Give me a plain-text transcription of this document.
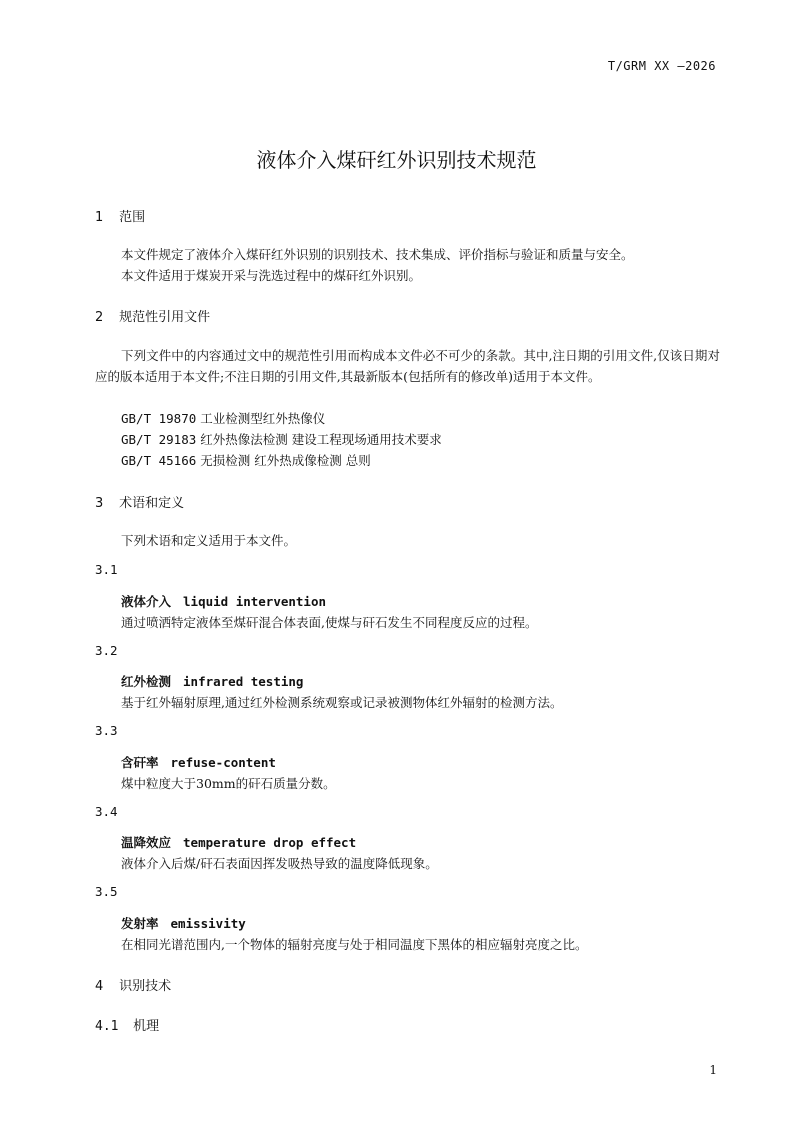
T/GRM XX —2026
液体介入煤矸红外识别技术规范
1 范围
本文件规定了液体介入煤矸红外识别的识别技术、技术集成、评价指标与验证和质量与安全。
本文件适用于煤炭开采与洗选过程中的煤矸红外识别。
2 规范性引用文件
下列文件中的内容通过文中的规范性引用而构成本文件必不可少的条款。其中,注日期的引用文件,仅该日期对应的版本适用于本文件;不注日期的引用文件,其最新版本(包括所有的修改单)适用于本文件。
GB/T 19870 工业检测型红外热像仪
GB/T 29183 红外热像法检测 建设工程现场通用技术要求
GB/T 45166 无损检测 红外热成像检测 总则
3 术语和定义
下列术语和定义适用于本文件。
3.1
液体介入 liquid intervention
通过喷洒特定液体至煤矸混合体表面,使煤与矸石发生不同程度反应的过程。
3.2
红外检测 infrared testing
基于红外辐射原理,通过红外检测系统观察或记录被测物体红外辐射的检测方法。
3.3
含矸率 refuse-content
煤中粒度大于30mm的矸石质量分数。
3.4
温降效应 temperature drop effect
液体介入后煤/矸石表面因挥发吸热导致的温度降低现象。
3.5
发射率 emissivity
在相同光谱范围内,一个物体的辐射亮度与处于相同温度下黑体的相应辐射亮度之比。
4 识别技术
4.1 机理
1
